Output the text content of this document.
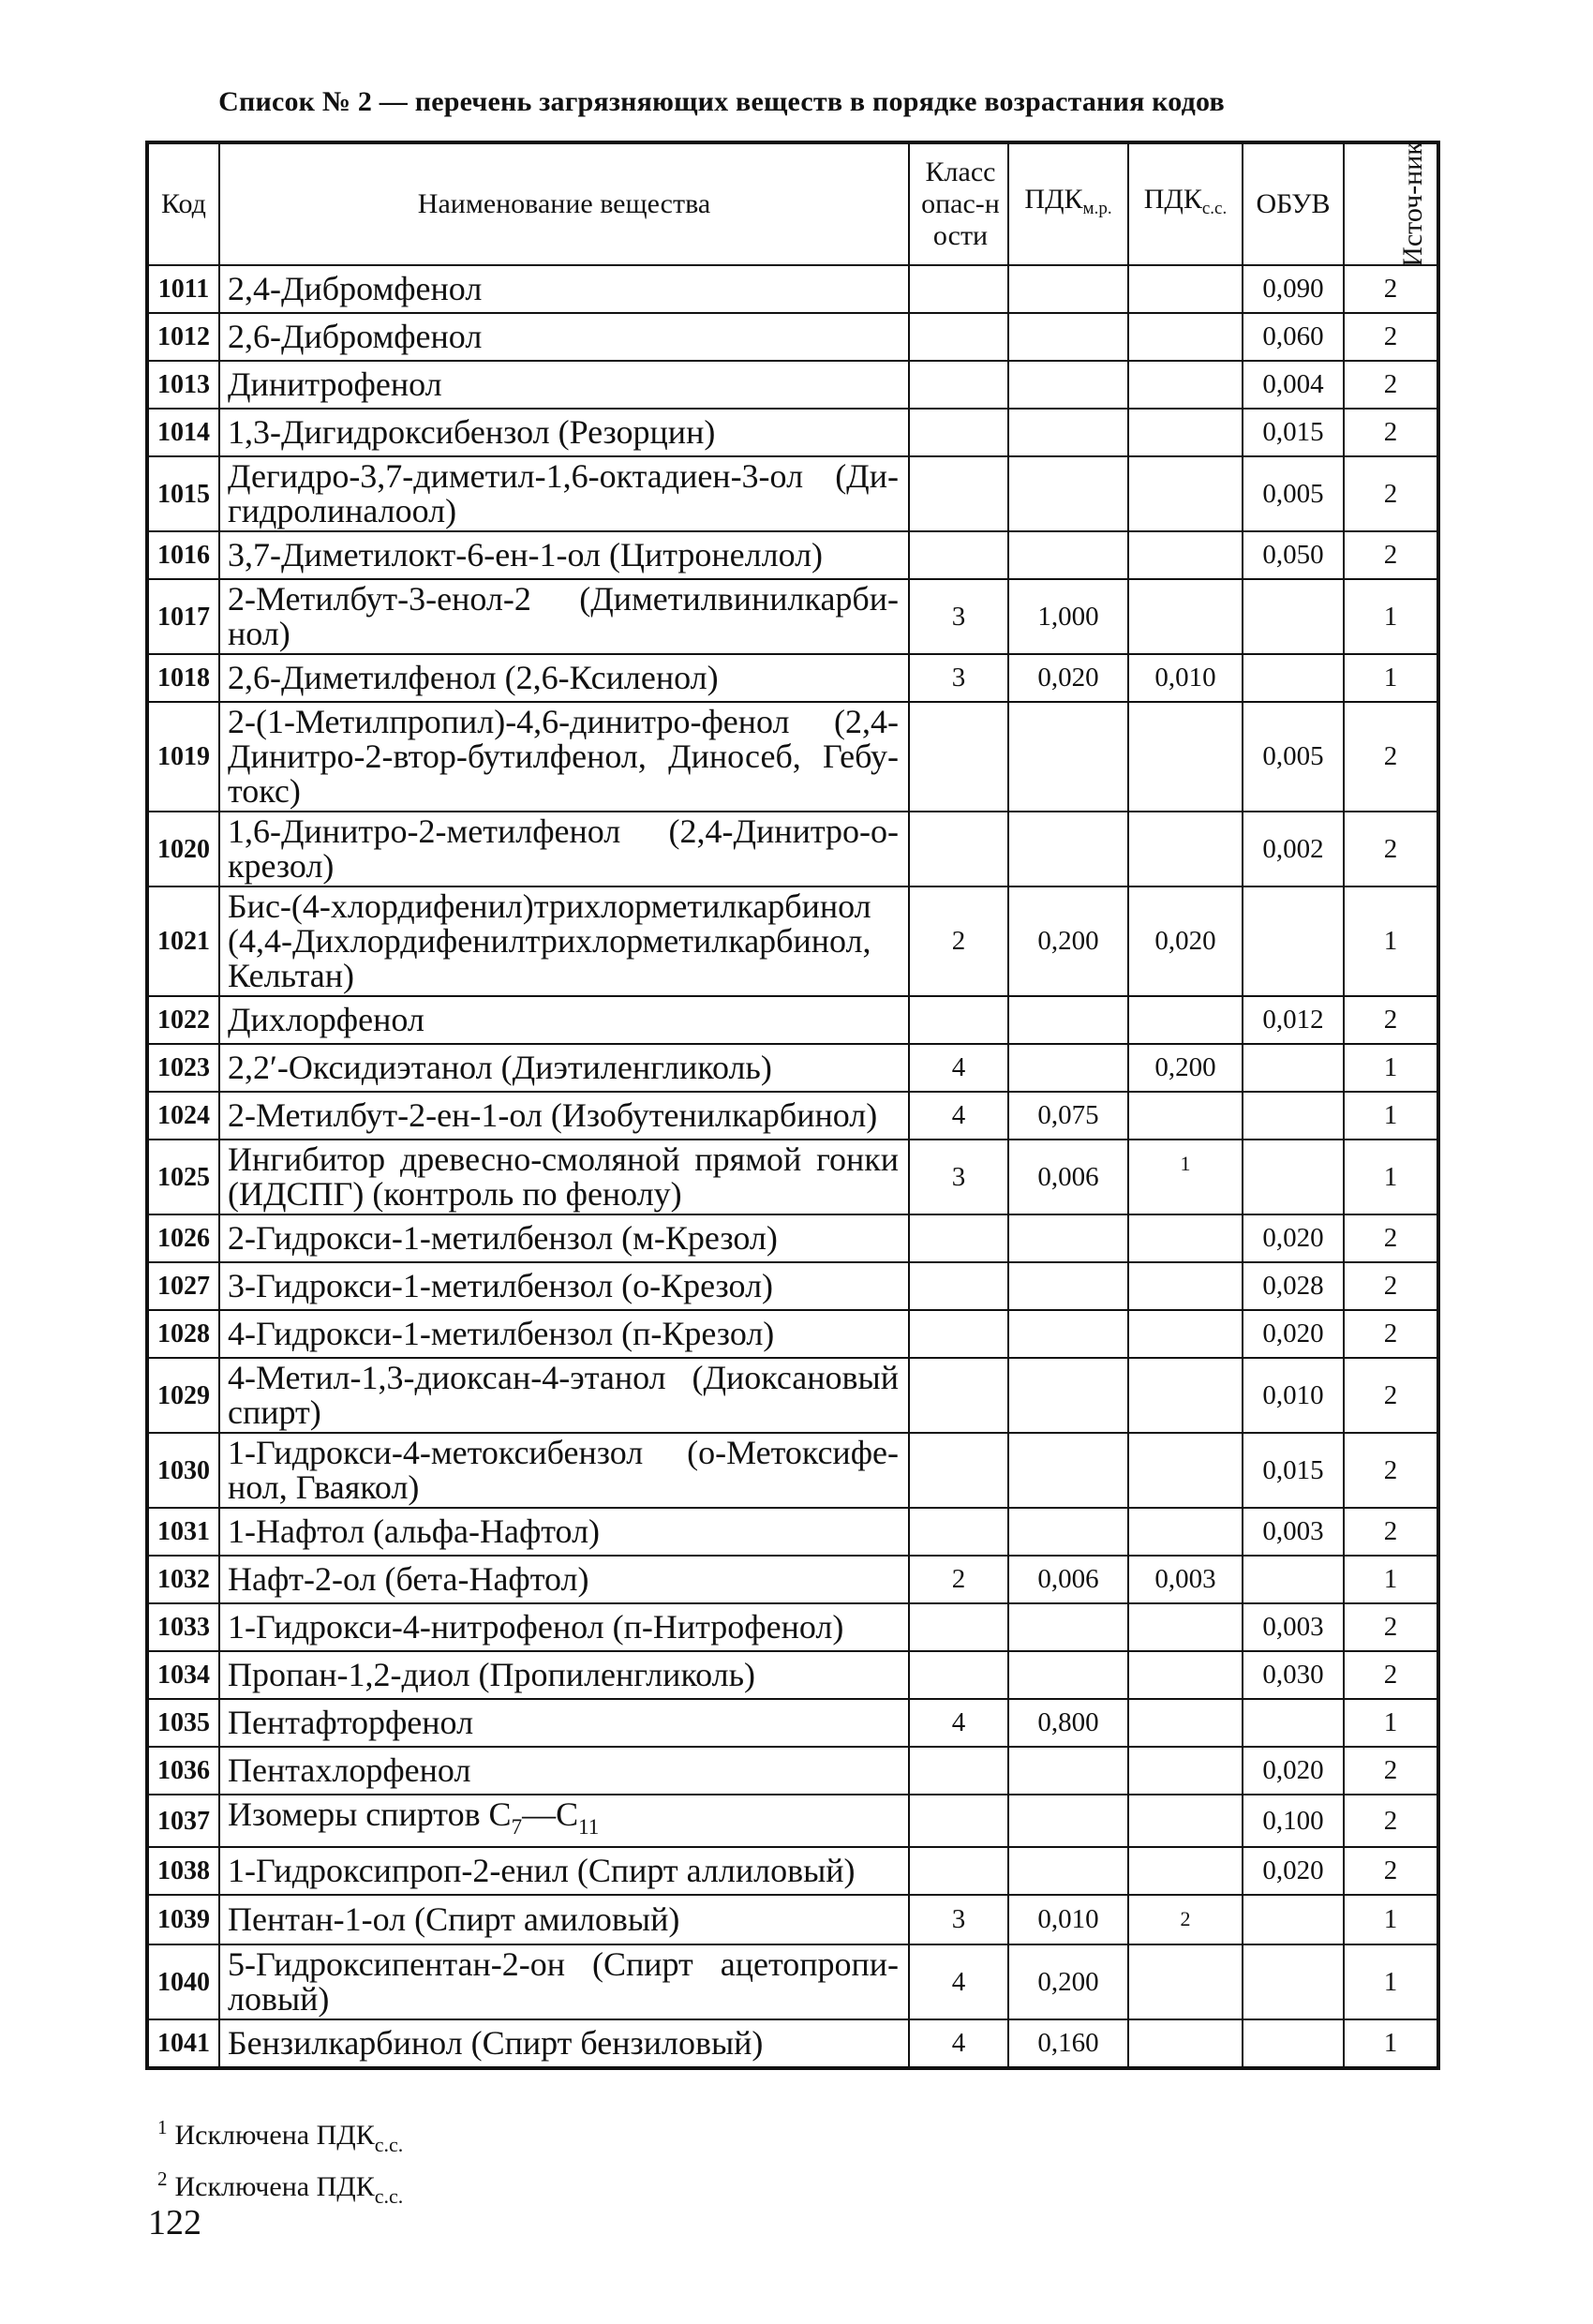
Список № 2 — перечень загрязняющих веществ в порядке возрастания кодов
Код	Наименование вещества	Класс опас-ности	$ПДК_{м.р.}$	$ПДК_{с.с.}$	ОБУВ	Источ-ник
1011	2,4-Дибромфенол				0,090	2
1012	2,6-Дибромфенол				0,060	2
1013	Динитрофенол				0,004	2
1014	1,3-Дигидроксибензол (Резорцин)				0,015	2
1015	Дегидро-3,7-диметил-1,6-октадиен-3-ол (Ди-гидролиналоол)				0,005	2
1016	3,7-Диметилокт-6-ен-1-ол (Цитронеллол)				0,050	2
1017	2-Метилбут-3-енол-2 (Диметилвинилкарби-нол)	3	1,000			1
1018	2,6-Диметилфенол (2,6-Ксиленол)	3	0,020	0,010		1
1019	2-(1-Метилпропил)-4,6-динитро-фенол (2,4-Динитро-2-втор-бутилфенол, Диносеб, Гебу-токс)				0,005	2
1020	1,6-Динитро-2-метилфенол (2,4-Динитро-о-крезол)				0,002	2
1021	Бис-(4-хлордифенил)трихлорметилкарбинол (4,4-Дихлордифенилтрихлорметилкарбинол, Кельтан)	2	0,200	0,020		1
1022	Дихлорфенол				0,012	2
1023	2,2′-Оксидиэтанол (Диэтиленгликоль)	4		0,200		1
1024	2-Метилбут-2-ен-1-ол (Изобутенилкарбинол)	4	0,075			1
1025	Ингибитор древесно-смоляной прямой гонки (ИДСПГ) (контроль по фенолу)	3	0,006	1		1
1026	2-Гидрокси-1-метилбензол (м-Крезол)				0,020	2
1027	3-Гидрокси-1-метилбензол (о-Крезол)				0,028	2
1028	4-Гидрокси-1-метилбензол (п-Крезол)				0,020	2
1029	4-Метил-1,3-диоксан-4-этанол (Диоксановый спирт)				0,010	2
1030	1-Гидрокси-4-метоксибензол (о-Метоксифе-нол, Гваякол)				0,015	2
1031	1-Нафтол (альфа-Нафтол)				0,003	2
1032	Нафт-2-ол (бета-Нафтол)	2	0,006	0,003		1
1033	1-Гидрокси-4-нитрофенол (п-Нитрофенол)				0,003	2
1034	Пропан-1,2-диол (Пропиленгликоль)				0,030	2
1035	Пентафторфенол	4	0,800			1
1036	Пентахлорфенол				0,020	2
1037	Изомеры спиртов $C_7—C_{11}$				0,100	2
1038	1-Гидроксипроп-2-енил (Спирт аллиловый)				0,020	2
1039	Пентан-1-ол (Спирт амиловый)	3	0,010	2		1
1040	5-Гидроксипентан-2-он (Спирт ацетопропи-ловый)	4	0,200			1
1041	Бензилкарбинол (Спирт бензиловый)	4	0,160			1
$^1$ Исключена $ПДК_{с.с.}$
$^2$ Исключена $ПДК_{с.с.}$
122
